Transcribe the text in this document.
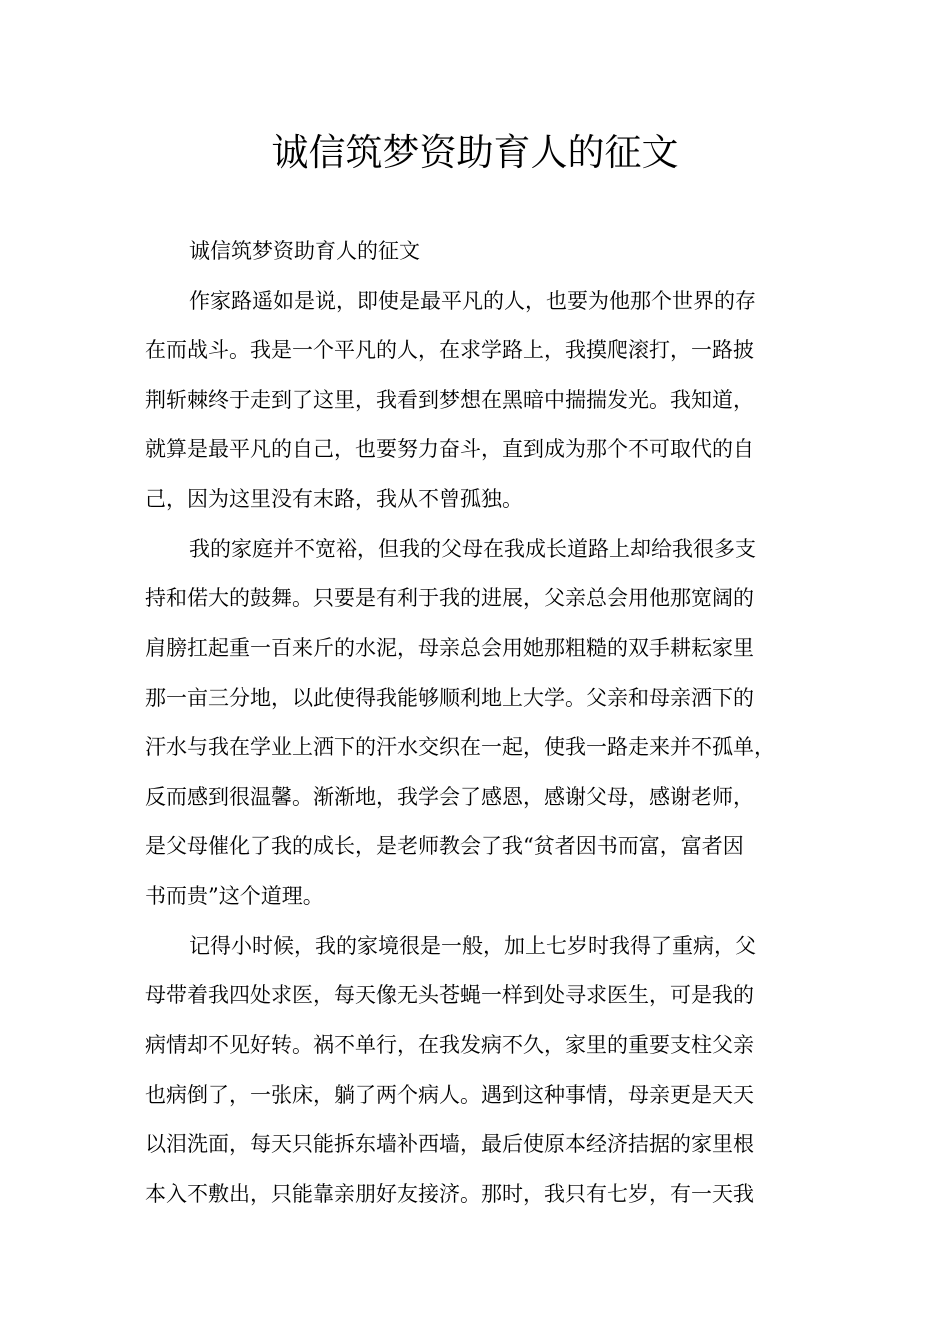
诚信筑梦资助育人的征文

诚信筑梦资助育人的征文

作家路遥如是说，即使是最平凡的人，也要为他那个世界的存

在而战斗。我是一个平凡的人，在求学路上，我摸爬滚打，一路披

荆斩棘终于走到了这里，我看到梦想在黑暗中揣揣发光。我知道，

就算是最平凡的自己，也要努力奋斗，直到成为那个不可取代的自

己，因为这里没有末路，我从不曾孤独。

我的家庭并不宽裕，但我的父母在我成长道路上却给我很多支

持和偌大的鼓舞。只要是有利于我的进展，父亲总会用他那宽阔的

肩膀扛起重一百来斤的水泥，母亲总会用她那粗糙的双手耕耘家里

那一亩三分地，以此使得我能够顺利地上大学。父亲和母亲洒下的

汗水与我在学业上洒下的汗水交织在一起，使我一路走来并不孤单，

反而感到很温馨。渐渐地，我学会了感恩，感谢父母，感谢老师，

是父母催化了我的成长，是老师教会了我“贫者因书而富，富者因

书而贵”这个道理。

记得小时候，我的家境很是一般，加上七岁时我得了重病，父

母带着我四处求医，每天像无头苍蝇一样到处寻求医生，可是我的

病情却不见好转。祸不单行，在我发病不久，家里的重要支柱父亲

也病倒了，一张床，躺了两个病人。遇到这种事情，母亲更是天天

以泪洗面，每天只能拆东墙补西墙，最后使原本经济拮据的家里根

本入不敷出，只能靠亲朋好友接济。那时，我只有七岁，有一天我
